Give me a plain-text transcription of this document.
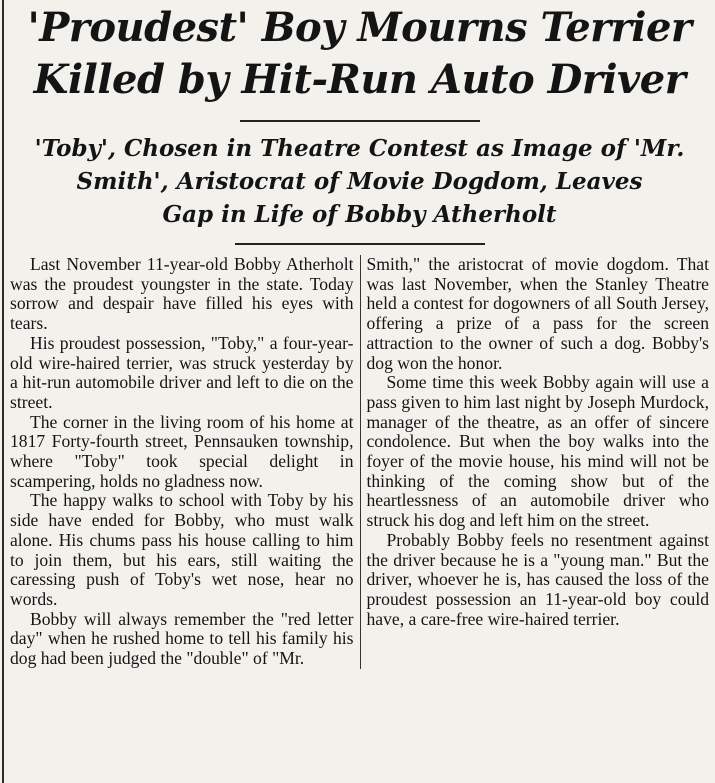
'Proudest' Boy Mourns Terrier
Killed by Hit-Run Auto Driver
'Toby', Chosen in Theatre Contest as Image of 'Mr.
Smith', Aristocrat of Movie Dogdom, Leaves
Gap in Life of Bobby Atherholt

Last November 11-year-old Bobby Atherholt was the proudest youngster in the state. Today sorrow and despair have filled his eyes with tears.

His proudest possession, "Toby," a four-year-old wire-haired terrier, was struck yesterday by a hit-run automobile driver and left to die on the street.

The corner in the living room of his home at 1817 Forty-fourth street, Pennsauken township, where "Toby" took special delight in scampering, holds no gladness now.

The happy walks to school with Toby by his side have ended for Bobby, who must walk alone. His chums pass his house calling to him to join them, but his ears, still waiting the caressing push of Toby's wet nose, hear no words.

Bobby will always remember the "red letter day" when he rushed home to tell his family his dog had been judged the "double" of "Mr.

Smith," the aristocrat of movie dogdom. That was last November, when the Stanley Theatre held a contest for dogowners of all South Jersey, offering a prize of a pass for the screen attraction to the owner of such a dog. Bobby's dog won the honor.

Some time this week Bobby again will use a pass given to him last night by Joseph Murdock, manager of the theatre, as an offer of sincere condolence. But when the boy walks into the foyer of the movie house, his mind will not be thinking of the coming show but of the heartlessness of an automobile driver who struck his dog and left him on the street.

Probably Bobby feels no resentment against the driver because he is a "young man." But the driver, whoever he is, has caused the loss of the proudest possession an 11-year-old boy could have, a care-free wire-haired terrier.
